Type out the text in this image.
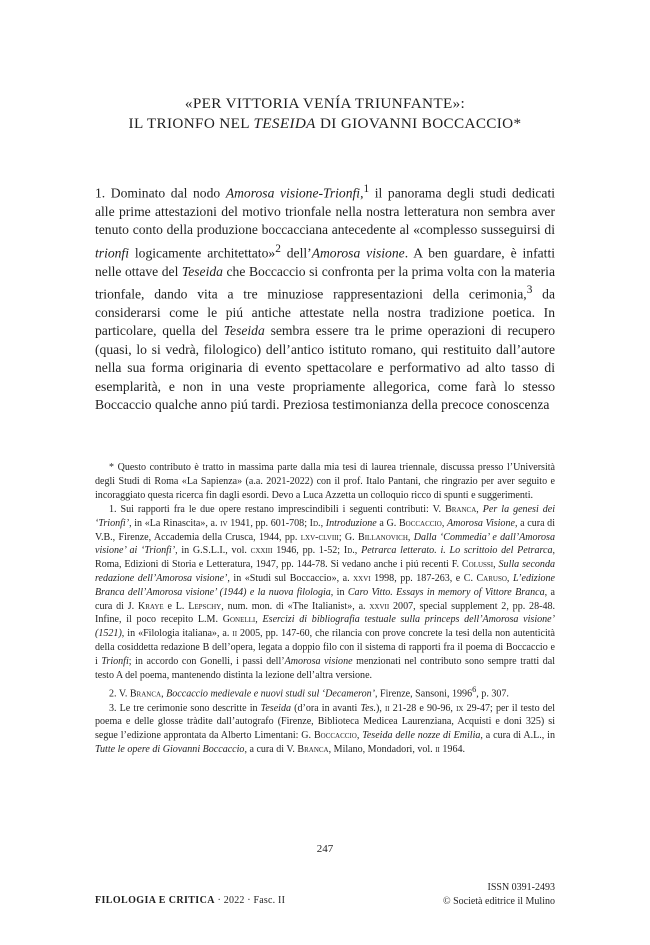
«PER VITTORIA VENÍA TRIUNFANTE»:
IL TRIONFO NEL TESEIDA DI GIOVANNI BOCCACCIO*

1. Dominato dal nodo Amorosa visione-Trionfi,$^1$ il panorama degli studi dedicati alle prime attestazioni del motivo trionfale nella nostra letteratura non sembra aver tenuto conto della produzione boccacciana antecedente al «complesso susseguirsi di trionfi logicamente architettato»$^2$ dell’Amorosa visione. A ben guardare, è infatti nelle ottave del Teseida che Boccaccio si confronta per la prima volta con la materia trionfale, dando vita a tre minuziose rappresentazioni della cerimonia,$^3$ da considerarsi come le piú antiche attestate nella nostra tradizione poetica. In particolare, quella del Teseida sembra essere tra le prime operazioni di recupero (quasi, lo si vedrà, filologico) dell’antico istituto romano, qui restituito dall’autore nella sua forma originaria di evento spettacolare e performativo ad alto tasso di esemplarità, e non in una veste propriamente allegorica, come farà lo stesso Boccaccio qualche anno piú tardi. Preziosa testimonianza della precoce conoscenza

* Questo contributo è tratto in massima parte dalla mia tesi di laurea triennale, discussa presso l’Università degli Studi di Roma «La Sapienza» (a.a. 2021-2022) con il prof. Italo Pantani, che ringrazio per aver seguito e incoraggiato questa ricerca fin dagli esordi. Devo a Luca Azzetta un colloquio ricco di spunti e suggerimenti.

1. Sui rapporti fra le due opere restano imprescindibili i seguenti contributi: V. Branca, Per la genesi dei ‘Trionfi’, in «La Rinascita», a. iv 1941, pp. 601-708; Id., Introduzione a G. Boccaccio, Amorosa Visione, a cura di V.B., Firenze, Accademia della Crusca, 1944, pp. lxv-clviii; G. Billanovich, Dalla ‘Commedia’ e dall’Amorosa visione’ ai ‘Trionfi’, in G.S.L.I., vol. cxxiii 1946, pp. 1-52; Id., Petrarca letterato. i. Lo scrittoio del Petrarca, Roma, Edizioni di Storia e Letteratura, 1947, pp. 144-78. Si vedano anche i piú recenti F. Colussi, Sulla seconda redazione dell’Amorosa visione’, in «Studi sul Boccaccio», a. xxvi 1998, pp. 187-263, e C. Caruso, L’edizione Branca dell’Amorosa visione’ (1944) e la nuova filologia, in Caro Vitto. Essays in memory of Vittore Branca, a cura di J. Kraye e L. Lepschy, num. mon. di «The Italianist», a. xxvii 2007, special supplement 2, pp. 28-48. Infine, il poco recepito L.M. Gonelli, Esercizi di bibliografia testuale sulla princeps dell’Amorosa visione’ (1521), in «Filologia italiana», a. ii 2005, pp. 147-60, che rilancia con prove concrete la tesi della non autenticità della cosiddetta redazione B dell’opera, legata a doppio filo con il sistema di rapporti fra il poema di Boccaccio e i Trionfi; in accordo con Gonelli, i passi dell’Amorosa visione menzionati nel contributo sono sempre tratti dal testo A del poema, mantenendo distinta la lezione dell’altra versione.

2. V. Branca, Boccaccio medievale e nuovi studi sul ‘Decameron’, Firenze, Sansoni, 1996$^6$, p. 307.

3. Le tre cerimonie sono descritte in Teseida (d’ora in avanti Tes.), ii 21-28 e 90-96, ix 29-47; per il testo del poema e delle glosse tràdite dall’autografo (Firenze, Biblioteca Medicea Laurenziana, Acquisti e doni 325) si segue l’edizione approntata da Alberto Limentani: G. Boccaccio, Teseida delle nozze di Emilia, a cura di A.L., in Tutte le opere di Giovanni Boccaccio, a cura di V. Branca, Milano, Mondadori, vol. ii 1964.

247
FILOLOGIA E CRITICA · 2022 · Fasc. II
ISSN 0391-2493
© Società editrice il Mulino
